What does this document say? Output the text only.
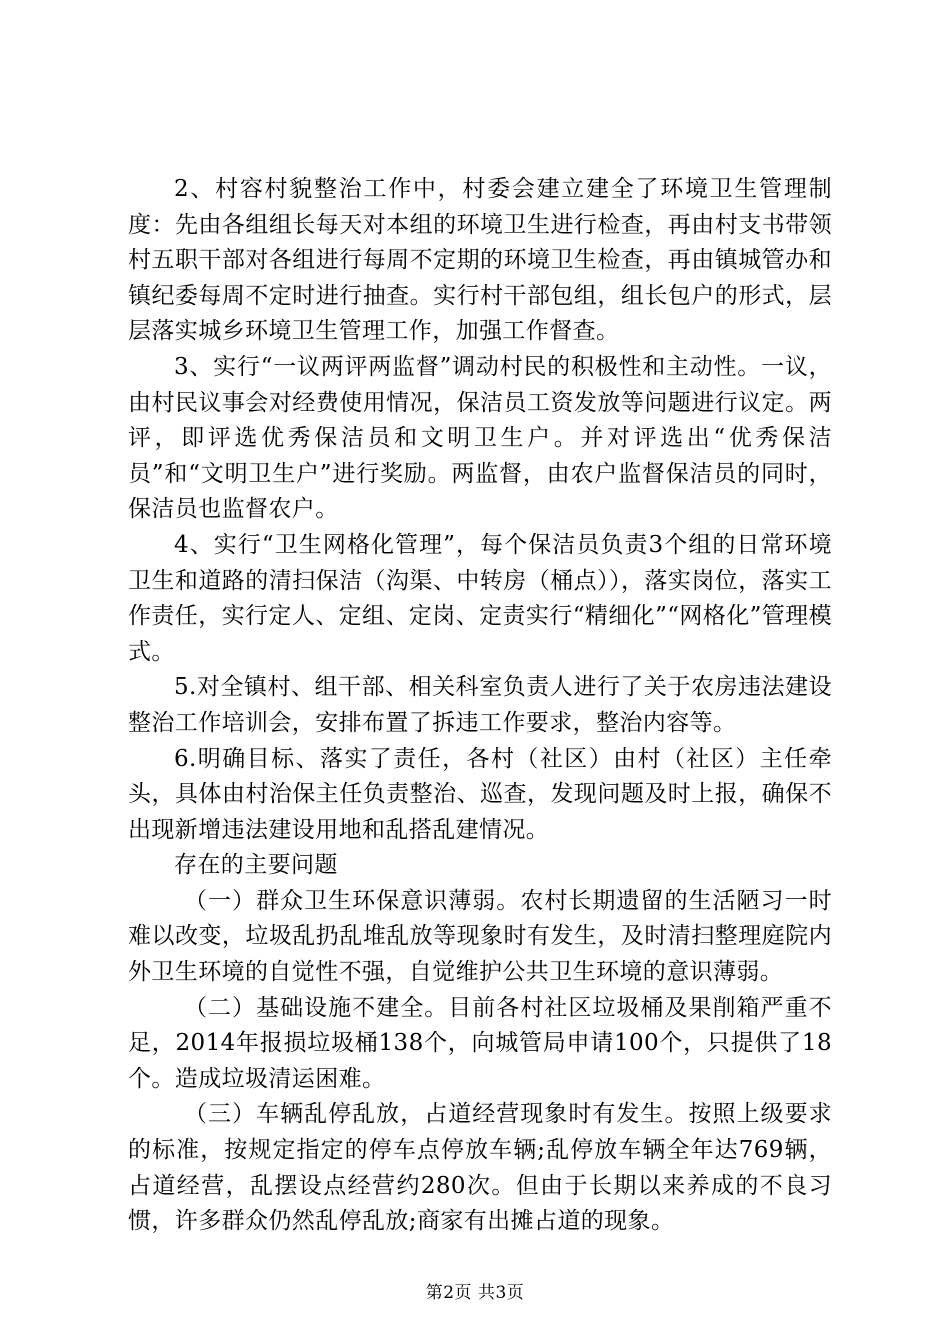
2、村容村貌整治工作中，村委会建立建全了环境卫生管理制度：先由各组组长每天对本组的环境卫生进行检查，再由村支书带领村五职干部对各组进行每周不定期的环境卫生检查，再由镇城管办和镇纪委每周不定时进行抽查。实行村干部包组，组长包户的形式，层层落实城乡环境卫生管理工作，加强工作督查。

3、实行“一议两评两监督”调动村民的积极性和主动性。一议，由村民议事会对经费使用情况，保洁员工资发放等问题进行议定。两评，即评选优秀保洁员和文明卫生户。并对评选出“优秀保洁员”和“文明卫生户”进行奖励。两监督，由农户监督保洁员的同时，保洁员也监督农户。

4、实行“卫生网格化管理”，每个保洁员负责3个组的日常环境卫生和道路的清扫保洁（沟渠、中转房（桶点）），落实岗位，落实工作责任，实行定人、定组、定岗、定责实行“精细化”“网格化”管理模式。

5.对全镇村、组干部、相关科室负责人进行了关于农房违法建设整治工作培训会，安排布置了拆违工作要求，整治内容等。

6.明确目标、落实了责任，各村（社区）由村（社区）主任牵头，具体由村治保主任负责整治、巡查，发现问题及时上报，确保不出现新增违法建设用地和乱搭乱建情况。

存在的主要问题

（一）群众卫生环保意识薄弱。农村长期遗留的生活陋习一时难以改变，垃圾乱扔乱堆乱放等现象时有发生，及时清扫整理庭院内外卫生环境的自觉性不强，自觉维护公共卫生环境的意识薄弱。

（二）基础设施不建全。目前各村社区垃圾桶及果削箱严重不足，2014年报损垃圾桶138个，向城管局申请100个，只提供了18个。造成垃圾清运困难。

（三）车辆乱停乱放，占道经营现象时有发生。按照上级要求的标准，按规定指定的停车点停放车辆;乱停放车辆全年达769辆，占道经营，乱摆设点经营约280次。但由于长期以来养成的不良习惯，许多群众仍然乱停乱放;商家有出摊占道的现象。

第2页 共3页
